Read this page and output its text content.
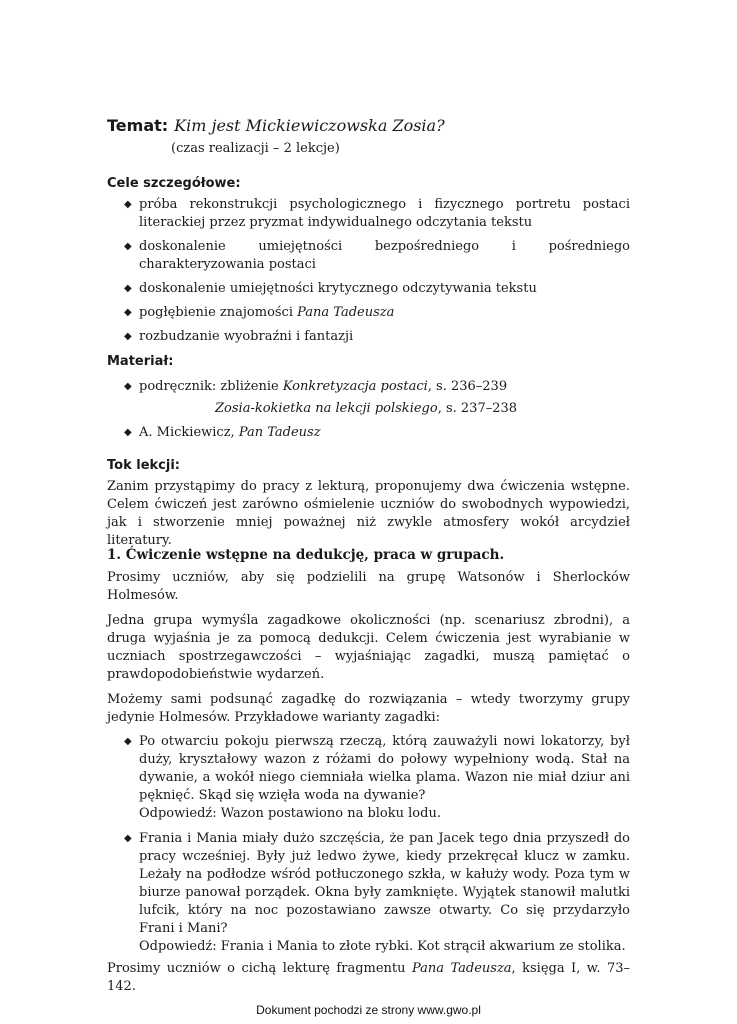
Temat: Kim jest Mickiewiczowska Zosia?
(czas realizacji – 2 lekcje)
Cele szczegółowe:
◆ próba rekonstrukcji psychologicznego i fizycznego portretu postaci literackiej przez pryzmat indywidualnego odczytania tekstu
◆ doskonalenie umiejętności bezpośredniego i pośredniego charakteryzowania postaci
◆ doskonalenie umiejętności krytycznego odczytywania tekstu
◆ pogłębienie znajomości Pana Tadeusza
◆ rozbudzanie wyobraźni i fantazji
Materiał:
◆ podręcznik: zbliżenie Konkretyzacja postaci, s. 236–239
Zosia-kokietka na lekcji polskiego, s. 237–238
◆ A. Mickiewicz, Pan Tadeusz
Tok lekcji:

Zanim przystąpimy do pracy z lekturą, proponujemy dwa ćwiczenia wstępne. Celem ćwiczeń jest zarówno ośmielenie uczniów do swobodnych wypowiedzi, jak i stworzenie mniej poważnej niż zwykle atmosfery wokół arcydzieł literatury.

1. Ćwiczenie wstępne na dedukcję, praca w grupach.

Prosimy uczniów, aby się podzielili na grupę Watsonów i Sherlocków Holmesów.

Jedna grupa wymyśla zagadkowe okoliczności (np. scenariusz zbrodni), a druga wyjaśnia je za pomocą dedukcji. Celem ćwiczenia jest wyrabianie w uczniach spostrzegawczości – wyjaśniając zagadki, muszą pamiętać o prawdopodobieństwie wydarzeń.

Możemy sami podsunąć zagadkę do rozwiązania – wtedy tworzymy grupy jedynie Holmesów. Przykładowe warianty zagadki:

◆ Po otwarciu pokoju pierwszą rzeczą, którą zauważyli nowi lokatorzy, był duży, kryształowy wazon z różami do połowy wypełniony wodą. Stał na dywanie, a wokół niego ciemniała wielka plama. Wazon nie miał dziur ani pęknięć. Skąd się wzięła woda na dywanie?
Odpowiedź: Wazon postawiono na bloku lodu.
◆ Frania i Mania miały dużo szczęścia, że pan Jacek tego dnia przyszedł do pracy wcześniej. Były już ledwo żywe, kiedy przekręcał klucz w zamku. Leżały na podłodze wśród potłuczonego szkła, w kałuży wody. Poza tym w biurze panował porządek. Okna były zamknięte. Wyjątek stanowił malutki lufcik, który na noc pozostawiano zawsze otwarty. Co się przydarzyło Frani i Mani?
Odpowiedź: Frania i Mania to złote rybki. Kot strącił akwarium ze stolika.

Prosimy uczniów o cichą lekturę fragmentu Pana Tadeusza, księga I, w. 73–142.

Dokument pochodzi ze strony www.gwo.pl
